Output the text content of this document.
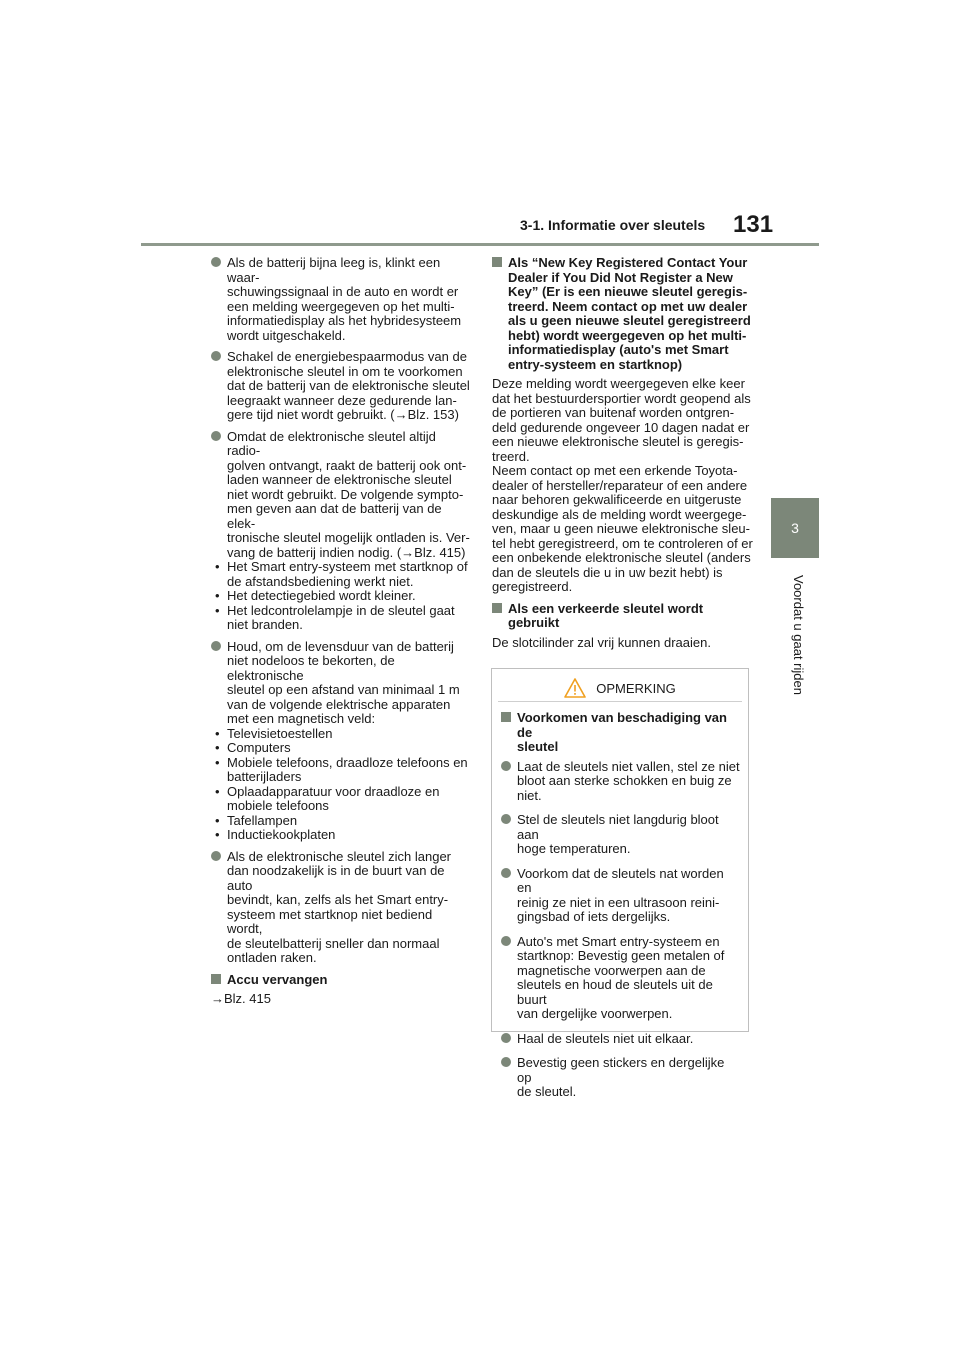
3-1. Informatie over sleutels 131
3
Voordat u gaat rijden
Als de batterij bijna leeg is, klinkt een waar-
schuwingssignaal in de auto en wordt er
een melding weergegeven op het multi-
informatiedisplay als het hybridesysteem
wordt uitgeschakeld.
Schakel de energiebespaarmodus van de
elektronische sleutel in om te voorkomen
dat de batterij van de elektronische sleutel
leegraakt wanneer deze gedurende lan-
gere tijd niet wordt gebruikt. (→Blz. 153)
Omdat de elektronische sleutel altijd radio-
golven ontvangt, raakt de batterij ook ont-
laden wanneer de elektronische sleutel
niet wordt gebruikt. De volgende sympto-
men geven aan dat de batterij van de elek-
tronische sleutel mogelijk ontladen is. Ver-
vang de batterij indien nodig. (→Blz. 415)
• Het Smart entry-systeem met startknop of
de afstandsbediening werkt niet.
• Het detectiegebied wordt kleiner.
• Het ledcontrolelampje in de sleutel gaat
niet branden.
Houd, om de levensduur van de batterij
niet nodeloos te bekorten, de elektronische
sleutel op een afstand van minimaal 1 m
van de volgende elektrische apparaten
met een magnetisch veld:
• Televisietoestellen
• Computers
• Mobiele telefoons, draadloze telefoons en
batterijladers
• Oplaadapparatuur voor draadloze en
mobiele telefoons
• Tafellampen
• Inductiekookplaten
Als de elektronische sleutel zich langer
dan noodzakelijk is in de buurt van de auto
bevindt, kan, zelfs als het Smart entry-
systeem met startknop niet bediend wordt,
de sleutelbatterij sneller dan normaal
ontladen raken.
Accu vervangen
→Blz. 415
Als “New Key Registered Contact Your
Dealer if You Did Not Register a New
Key” (Er is een nieuwe sleutel geregis-
treerd. Neem contact op met uw dealer
als u geen nieuwe sleutel geregistreerd
hebt) wordt weergegeven op het multi-
informatiedisplay (auto's met Smart
entry-systeem en startknop)
Deze melding wordt weergegeven elke keer
dat het bestuurdersportier wordt geopend als
de portieren van buitenaf worden ontgren-
deld gedurende ongeveer 10 dagen nadat er
een nieuwe elektronische sleutel is geregis-
treerd.
Neem contact op met een erkende Toyota-
dealer of hersteller/reparateur of een andere
naar behoren gekwalificeerde en uitgeruste
deskundige als de melding wordt weergege-
ven, maar u geen nieuwe elektronische sleu-
tel hebt geregistreerd, om te controleren of er
een onbekende elektronische sleutel (anders
dan de sleutels die u in uw bezit hebt) is
geregistreerd.
Als een verkeerde sleutel wordt
gebruikt
De slotcilinder zal vrij kunnen draaien.
OPMERKING
Voorkomen van beschadiging van de
sleutel
Laat de sleutels niet vallen, stel ze niet
bloot aan sterke schokken en buig ze
niet.
Stel de sleutels niet langdurig bloot aan
hoge temperaturen.
Voorkom dat de sleutels nat worden en
reinig ze niet in een ultrasoon reini-
gingsbad of iets dergelijks.
Auto's met Smart entry-systeem en
startknop: Bevestig geen metalen of
magnetische voorwerpen aan de
sleutels en houd de sleutels uit de buurt
van dergelijke voorwerpen.
Haal de sleutels niet uit elkaar.
Bevestig geen stickers en dergelijke op
de sleutel.
